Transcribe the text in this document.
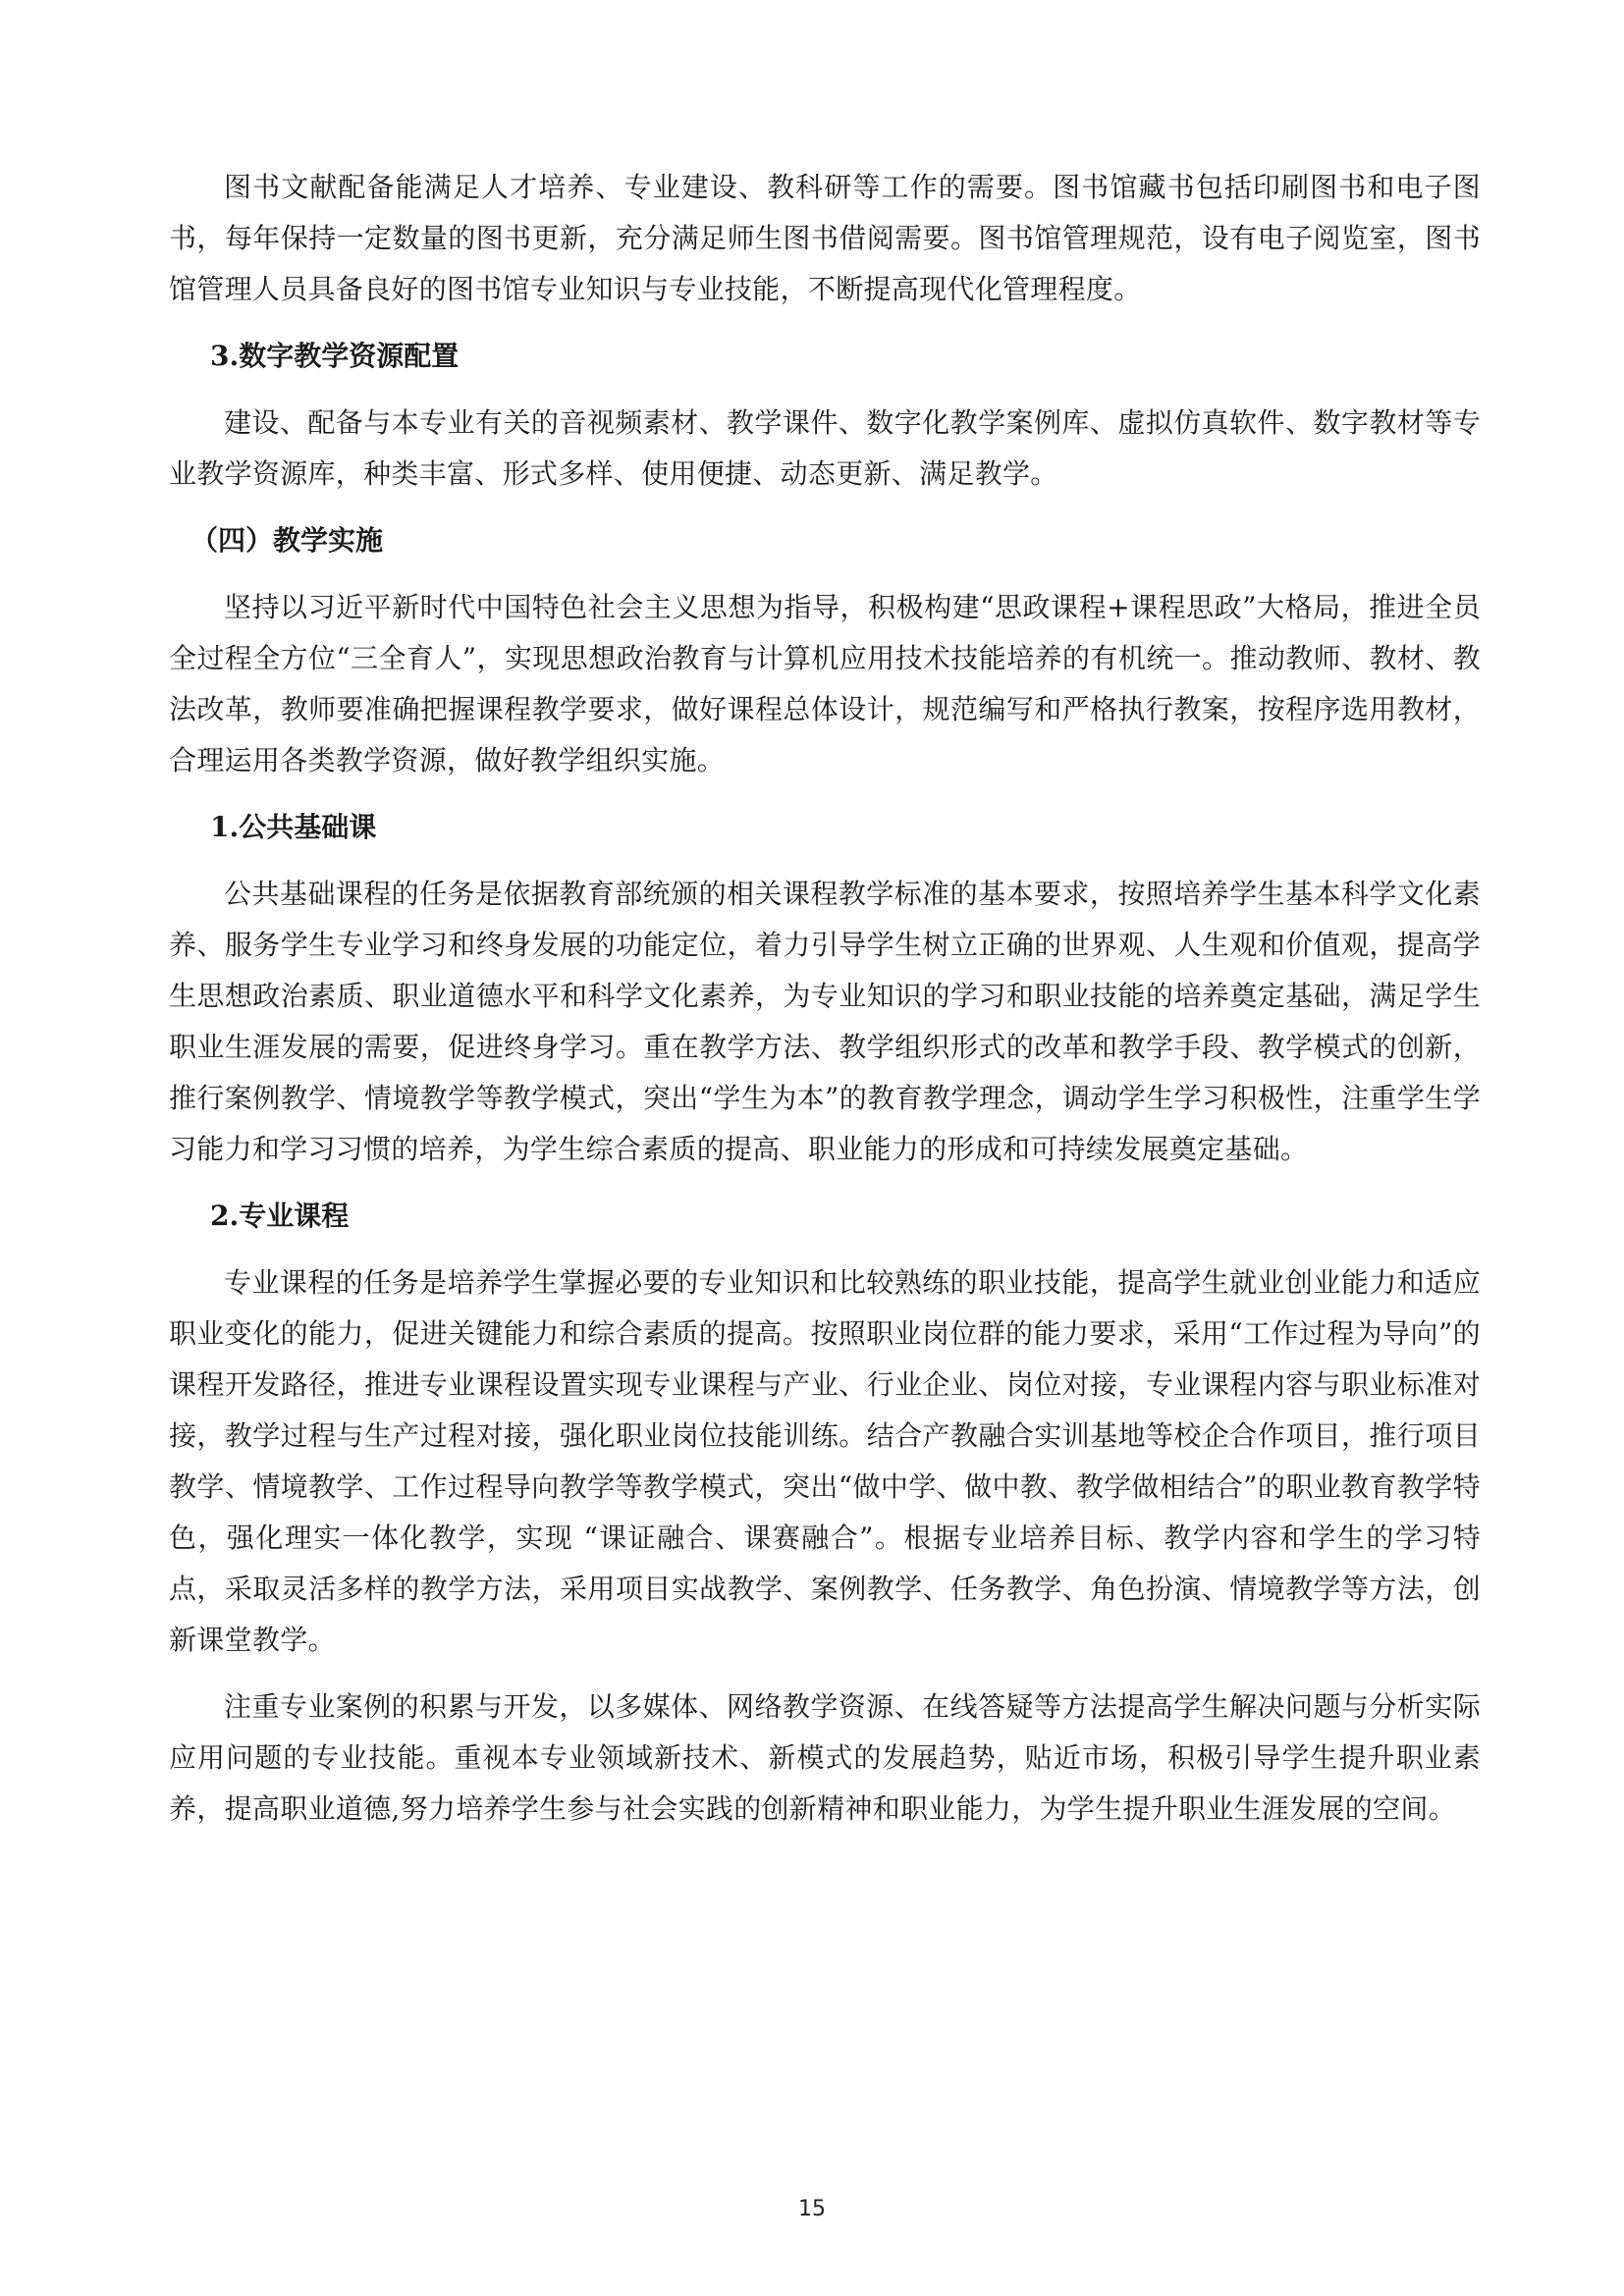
图书文献配备能满足人才培养、专业建设、教科研等工作的需要。图书馆藏书包括印刷图书和电子图书，每年保持一定数量的图书更新，充分满足师生图书借阅需要。图书馆管理规范，设有电子阅览室，图书馆管理人员具备良好的图书馆专业知识与专业技能，不断提高现代化管理程度。

3.数字教学资源配置

建设、配备与本专业有关的音视频素材、教学课件、数字化教学案例库、虚拟仿真软件、数字教材等专业教学资源库，种类丰富、形式多样、使用便捷、动态更新、满足教学。

（四）教学实施

坚持以习近平新时代中国特色社会主义思想为指导，积极构建“思政课程+课程思政”大格局，推进全员全过程全方位“三全育人”，实现思想政治教育与计算机应用技术技能培养的有机统一。推动教师、教材、教法改革，教师要准确把握课程教学要求，做好课程总体设计，规范编写和严格执行教案，按程序选用教材，合理运用各类教学资源，做好教学组织实施。

1.公共基础课

公共基础课程的任务是依据教育部统颁的相关课程教学标准的基本要求，按照培养学生基本科学文化素养、服务学生专业学习和终身发展的功能定位，着力引导学生树立正确的世界观、人生观和价值观，提高学生思想政治素质、职业道德水平和科学文化素养，为专业知识的学习和职业技能的培养奠定基础，满足学生职业生涯发展的需要，促进终身学习。重在教学方法、教学组织形式的改革和教学手段、教学模式的创新，推行案例教学、情境教学等教学模式，突出“学生为本”的教育教学理念，调动学生学习积极性，注重学生学习能力和学习习惯的培养，为学生综合素质的提高、职业能力的形成和可持续发展奠定基础。

2.专业课程

专业课程的任务是培养学生掌握必要的专业知识和比较熟练的职业技能，提高学生就业创业能力和适应职业变化的能力，促进关键能力和综合素质的提高。按照职业岗位群的能力要求，采用“工作过程为导向”的课程开发路径，推进专业课程设置实现专业课程与产业、行业企业、岗位对接，专业课程内容与职业标准对接，教学过程与生产过程对接，强化职业岗位技能训练。结合产教融合实训基地等校企合作项目，推行项目教学、情境教学、工作过程导向教学等教学模式，突出“做中学、做中教、教学做相结合”的职业教育教学特色，强化理实一体化教学，实现 “课证融合、课赛融合”。根据专业培养目标、教学内容和学生的学习特点，采取灵活多样的教学方法，采用项目实战教学、案例教学、任务教学、角色扮演、情境教学等方法，创新课堂教学。

注重专业案例的积累与开发，以多媒体、网络教学资源、在线答疑等方法提高学生解决问题与分析实际应用问题的专业技能。重视本专业领域新技术、新模式的发展趋势，贴近市场，积极引导学生提升职业素养，提高职业道德,努力培养学生参与社会实践的创新精神和职业能力，为学生提升职业生涯发展的空间。

15
